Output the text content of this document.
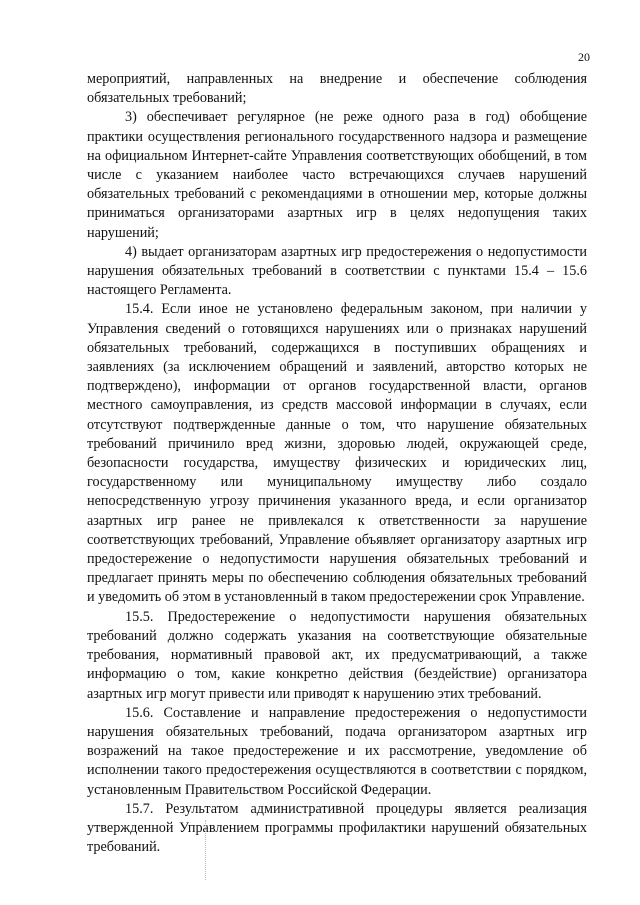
20

мероприятий, направленных на внедрение и обеспечение соблюдения обязательных требований;

3) обеспечивает регулярное (не реже одного раза в год) обобщение практики осуществления регионального государственного надзора и размещение на официальном Интернет-сайте Управления соответствующих обобщений, в том числе с указанием наиболее часто встречающихся случаев нарушений обязательных требований с рекомендациями в отношении мер, которые должны приниматься организаторами азартных игр в целях недопущения таких нарушений;

4) выдает организаторам азартных игр предостережения о недопустимости нарушения обязательных требований в соответствии с пунктами 15.4 – 15.6 настоящего Регламента.

15.4. Если иное не установлено федеральным законом, при наличии у Управления сведений о готовящихся нарушениях или о признаках нарушений обязательных требований, содержащихся в поступивших обращениях и заявлениях (за исключением обращений и заявлений, авторство которых не подтверждено), информации от органов государственной власти, органов местного самоуправления, из средств массовой информации в случаях, если отсутствуют подтвержденные данные о том, что нарушение обязательных требований причинило вред жизни, здоровью людей, окружающей среде, безопасности государства, имуществу физических и юридических лиц, государственному или муниципальному имуществу либо создало непосредственную угрозу причинения указанного вреда, и если организатор азартных игр ранее не привлекался к ответственности за нарушение соответствующих требований, Управление объявляет организатору азартных игр предостережение о недопустимости нарушения обязательных требований и предлагает принять меры по обеспечению соблюдения обязательных требований и уведомить об этом в установленный в таком предостережении срок Управление.

15.5. Предостережение о недопустимости нарушения обязательных требований должно содержать указания на соответствующие обязательные требования, нормативный правовой акт, их предусматривающий, а также информацию о том, какие конкретно действия (бездействие) организатора азартных игр могут привести или приводят к нарушению этих требований.

15.6. Составление и направление предостережения о недопустимости нарушения обязательных требований, подача организатором азартных игр возражений на такое предостережение и их рассмотрение, уведомление об исполнении такого предостережения осуществляются в соответствии с порядком, установленным Правительством Российской Федерации.

15.7. Результатом административной процедуры является реализация утвержденной Управлением программы профилактики нарушений обязательных требований.
